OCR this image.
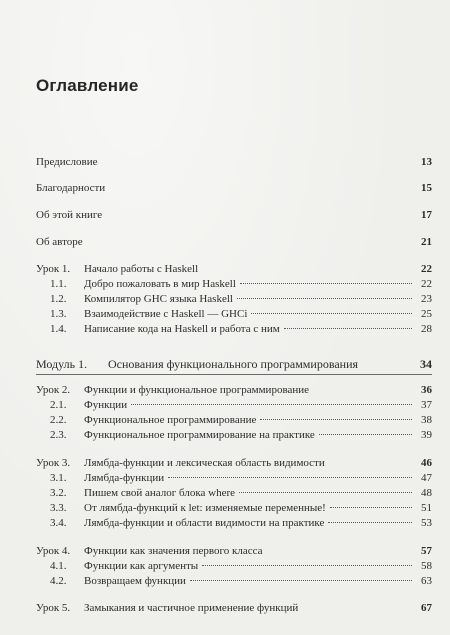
Оглавление
Предисловие	13
Благодарности	15
Об этой книге	17
Об авторе	21
Урок 1.	Начало работы с Haskell	22
1.1.	Добро пожаловать в мир Haskell	22
1.2.	Компилятор GHC языка Haskell	23
1.3.	Взаимодействие с Haskell — GHCi	25
1.4.	Написание кода на Haskell и работа с ним	28
Модуль 1.	Основания функционального программирования	34
Урок 2.	Функции и функциональное программирование	36
2.1.	Функции	37
2.2.	Функциональное программирование	38
2.3.	Функциональное программирование на практике	39
Урок 3.	Лямбда-функции и лексическая область видимости	46
3.1.	Лямбда-функции	47
3.2.	Пишем свой аналог блока where	48
3.3.	От лямбда-функций к let: изменяемые переменные!	51
3.4.	Лямбда-функции и области видимости на практике	53
Урок 4.	Функции как значения первого класса	57
4.1.	Функции как аргументы	58
4.2.	Возвращаем функции	63
Урок 5.	Замыкания и частичное применение функций	67
